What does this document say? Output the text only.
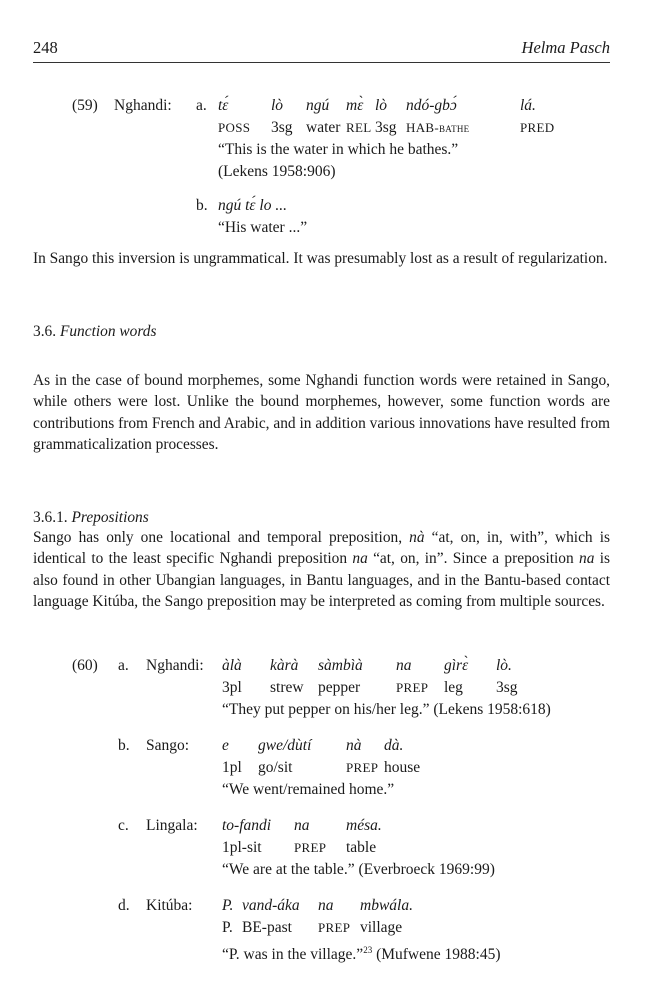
248	Helma Pasch
(59) Nghandi: a. tɛ́	lò ngú mɛ̀ lò ndó-gbɔ́	lá.
POSS 3sg water REL 3sg HAB-bathe	PRED
“This is the water in which he bathes.”
(Lekens 1958:906)
b. ngú tɛ́ lo ...
“His water ...”

In Sango this inversion is ungrammatical. It was presumably lost as a result of regularization.

3.6. Function words

As in the case of bound morphemes, some Nghandi function words were retained in Sango, while others were lost. Unlike the bound morphemes, however, some function words are contributions from French and Arabic, and in addition various innovations have resulted from grammaticalization processes.

3.6.1. Prepositions

Sango has only one locational and temporal preposition, nà “at, on, in, with”, which is identical to the least specific Nghandi preposition na “at, on, in”. Since a preposition na is also found in other Ubangian languages, in Bantu languages, and in the Bantu-based contact language Kitúba, the Sango preposition may be interpreted as coming from multiple sources.

(60) a. Nghandi: àlà kàrà sàmbìà na gìrɛ̀ lò.
3pl strew pepper	PREP leg 3sg
“They put pepper on his/her leg.” (Lekens 1958:618)
b. Sango: e gwe/dùtí nà dà.
1pl go/sit	PREP house
“We went/remained home.”
c. Lingala: to-fandi na mésa.
1pl-sit PREP table
“We are at the table.” (Everbroeck 1969:99)
d. Kitúba: P. vand-áka na mbwála.
P. BE-past PREP village
“P. was in the village.”$^{23}$ (Mufwene 1988:45)
